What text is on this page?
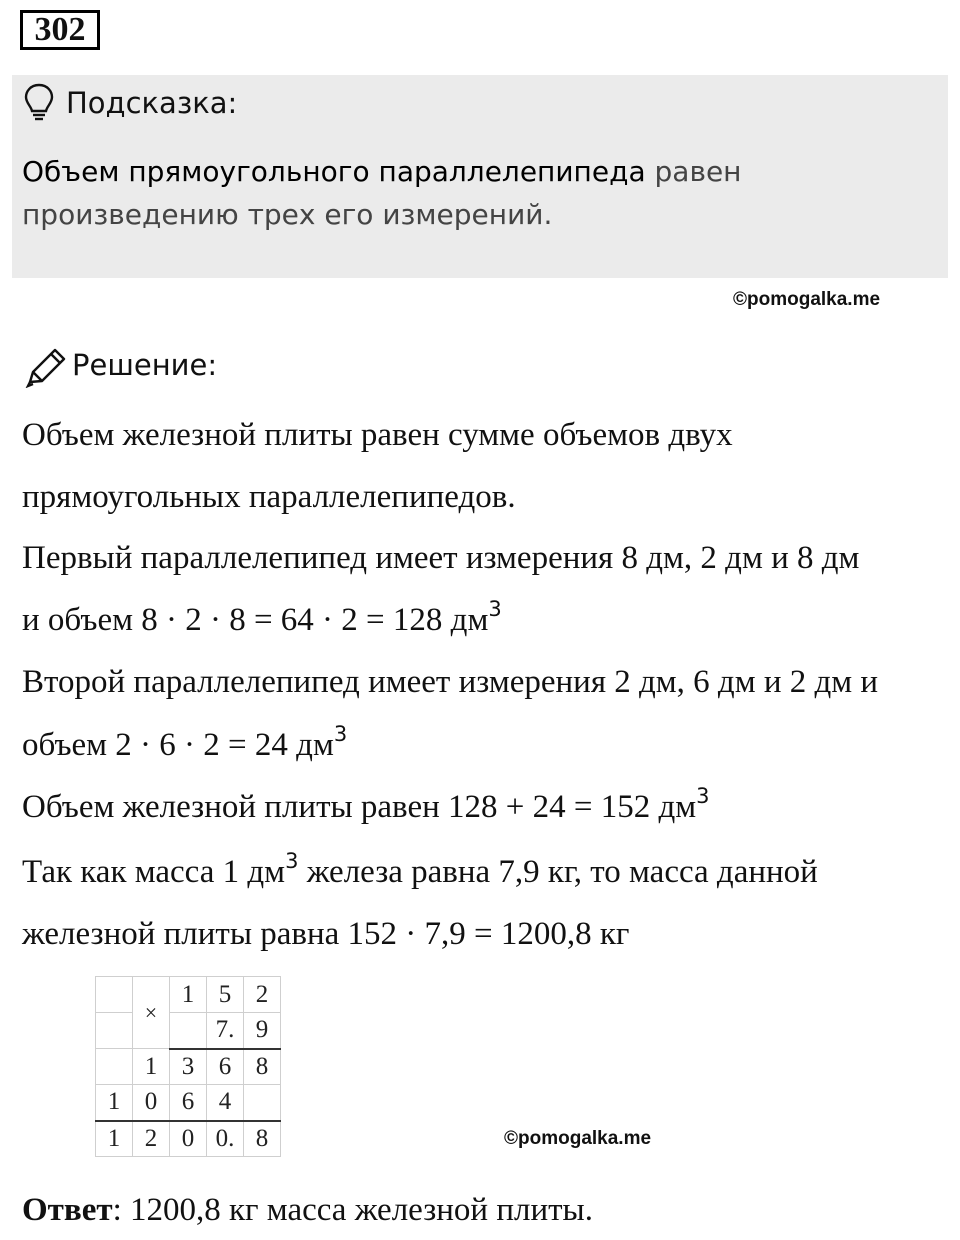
302
Подсказка:
Объем прямоугольного параллелепипеда равен
произведению трех его измерений.
©pomogalka.me
Решение:
Объем железной плиты равен сумме объемов двух
прямоугольных параллелепипедов.
Первый параллелепипед имеет измерения 8 дм, 2 дм и 8 дм
и объем 8 · 2 · 8 = 64 · 2 = 128 $дм^3$
Второй параллелепипед имеет измерения 2 дм, 6 дм и 2 дм и
объем 2 · 6 · 2 = 24 $дм^3$
Объем железной плиты равен 128 + 24 = 152 $дм^3$
Так как масса 1 $дм^3$ железа равна 7,9 кг, то масса данной
железной плиты равна 152 · 7,9 = 1200,8 кг
	×	1	5	2
			7.	9
	1	3	6	8
1	0	6	4	
1	2	0	0.	8	©pomogalka.me
Ответ: 1200,8 кг масса железной плиты.
